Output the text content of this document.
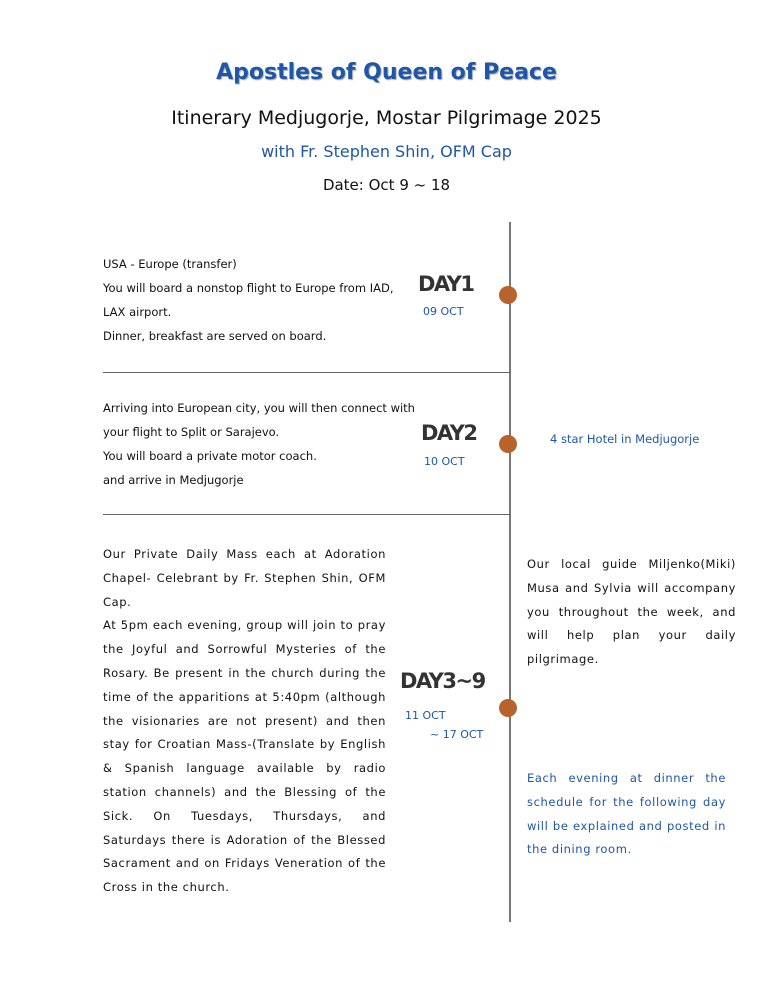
Apostles of Queen of Peace
Itinerary Medjugorje, Mostar Pilgrimage 2025
with Fr. Stephen Shin, OFM Cap
Date: Oct 9 ~ 18
USA - Europe (transfer)
You will board a nonstop flight to Europe from IAD,
LAX airport.
Dinner, breakfast are served on board.
DAY1
09 OCT
Arriving into European city, you will then connect with
your flight to Split or Sarajevo.
You will board a private motor coach.
and arrive in Medjugorje
DAY2
10 OCT
4 star Hotel in Medjugorje
Our Private Daily Mass each at Adoration Chapel- Celebrant by Fr. Stephen Shin, OFM Cap.
At 5pm each evening, group will join to pray the Joyful and Sorrowful Mysteries of the Rosary. Be present in the church during the time of the apparitions at 5:40pm (although the visionaries are not present) and then stay for Croatian Mass-(Translate by English & Spanish language available by radio station channels) and the Blessing of the Sick. On Tuesdays, Thursdays, and Saturdays there is Adoration of the Blessed Sacrament and on Fridays Veneration of the Cross in the church.
DAY3~9
11 OCT
~ 17 OCT
Our local guide Miljenko(Miki) Musa and Sylvia will accompany you throughout the week, and will help plan your daily pilgrimage.
Each evening at dinner the schedule for the following day will be explained and posted in the dining room.
